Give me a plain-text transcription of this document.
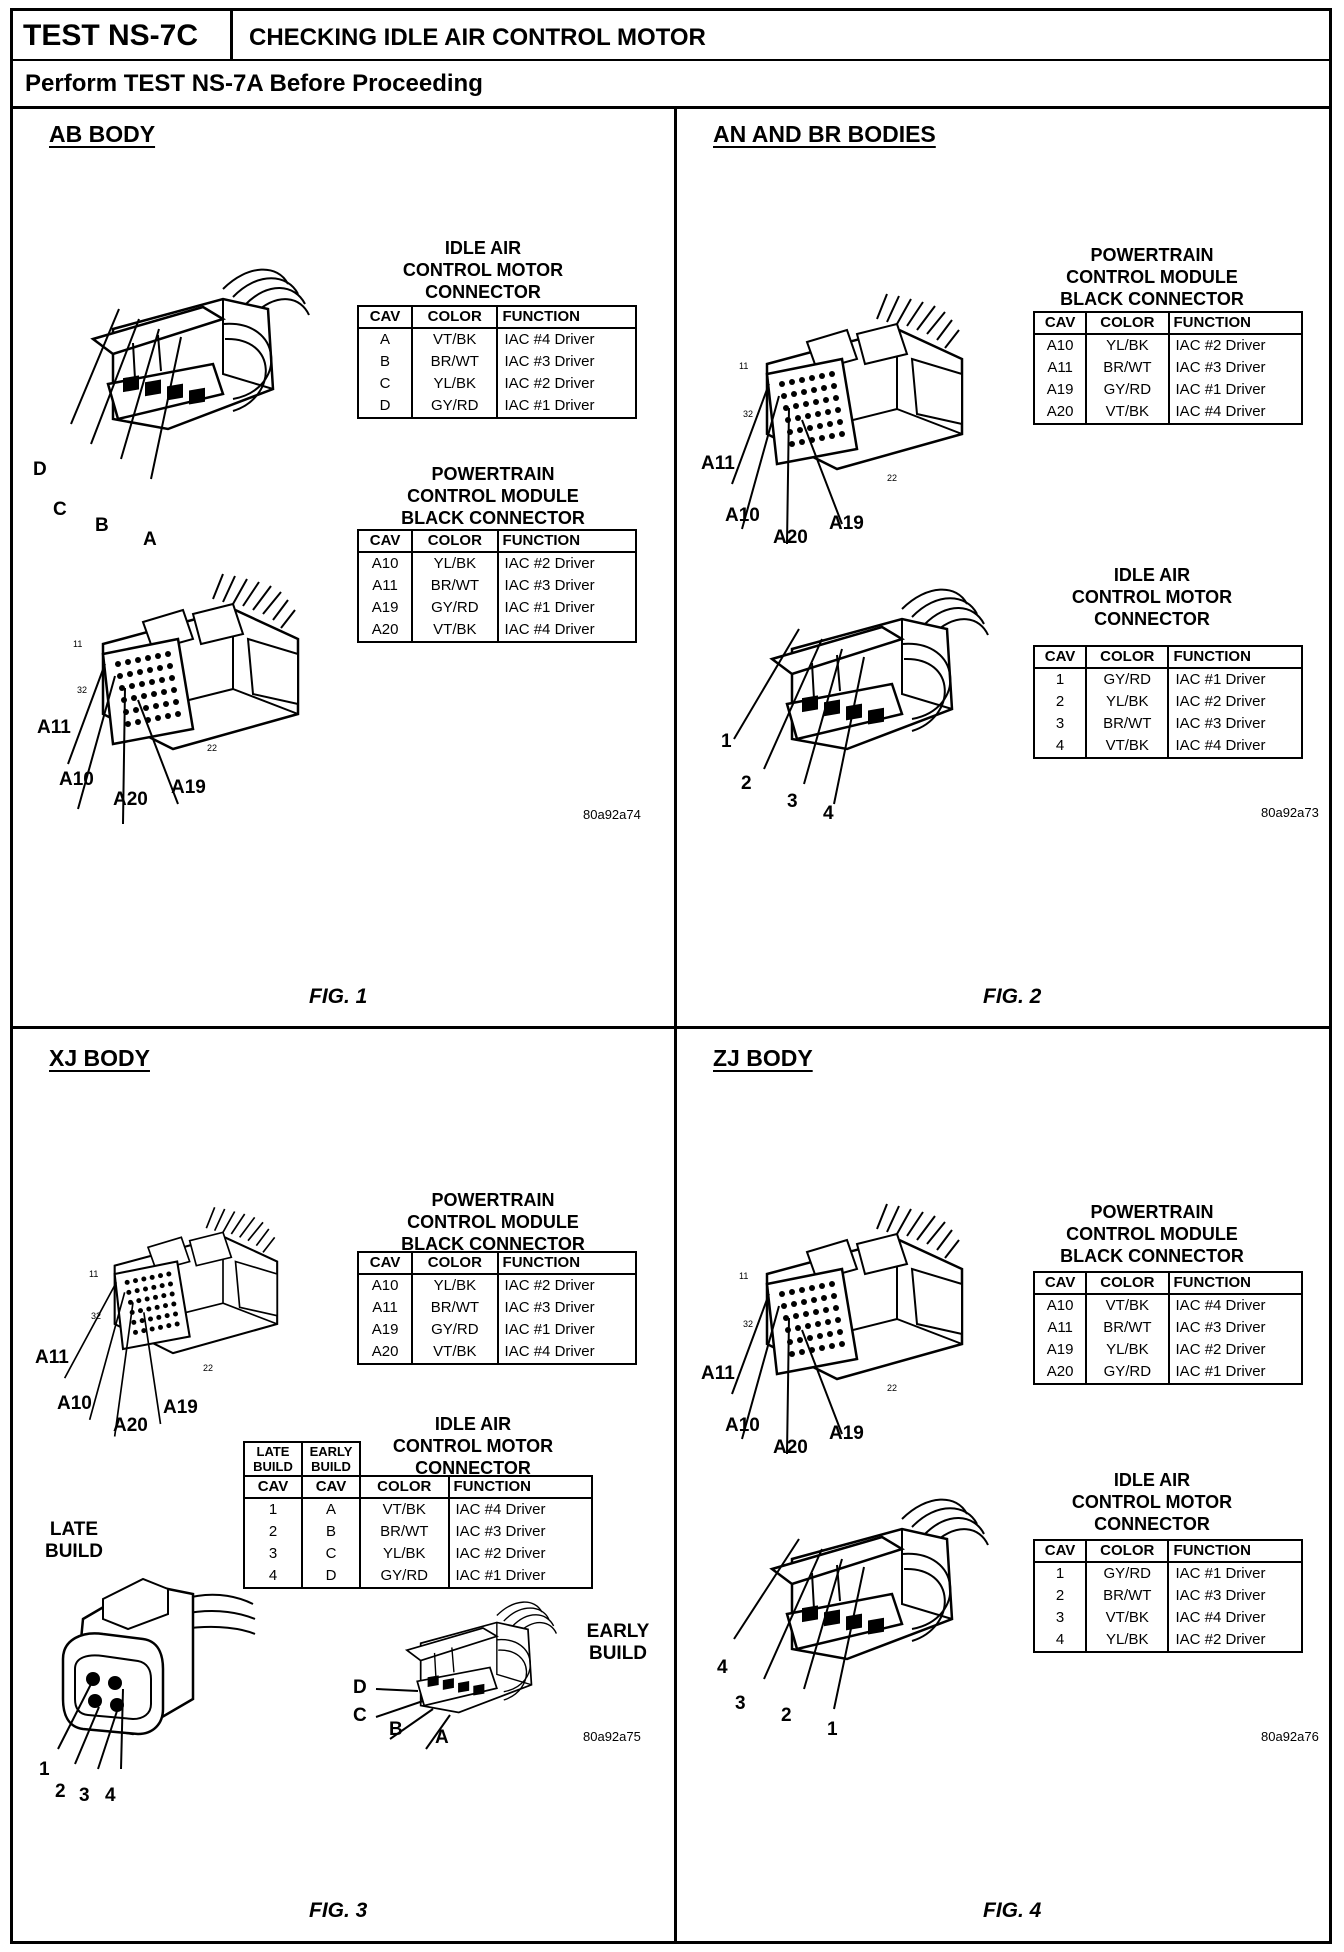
TEST NS-7C	CHECKING IDLE AIR CONTROL MOTOR
Perform TEST NS-7A Before Proceeding
AB BODY
D
C
B
A
IDLE AIR
CONTROL MOTOR
CONNECTOR
CAV	COLOR	FUNCTION
A	VT/BK	IAC #4 Driver
B	BR/WT	IAC #3 Driver
C	YL/BK	IAC #2 Driver
D	GY/RD	IAC #1 Driver
11
32
22
A11
A10
A20
A19
POWERTRAIN
CONTROL MODULE
BLACK CONNECTOR
CAV	COLOR	FUNCTION
A10	YL/BK	IAC #2 Driver
A11	BR/WT	IAC #3 Driver
A19	GY/RD	IAC #1 Driver
A20	VT/BK	IAC #4 Driver
80a92a74
FIG. 1
AN AND BR BODIES
11
32
22
A11
A10
A20
A19
POWERTRAIN
CONTROL MODULE
BLACK CONNECTOR
CAV	COLOR	FUNCTION
A10	YL/BK	IAC #2 Driver
A11	BR/WT	IAC #3 Driver
A19	GY/RD	IAC #1 Driver
A20	VT/BK	IAC #4 Driver
1
2
3
4
IDLE AIR
CONTROL MOTOR
CONNECTOR
CAV	COLOR	FUNCTION
1	GY/RD	IAC #1 Driver
2	YL/BK	IAC #2 Driver
3	BR/WT	IAC #3 Driver
4	VT/BK	IAC #4 Driver
80a92a73
FIG. 2
XJ BODY
11
32
22
A11
A10
A20
A19
POWERTRAIN
CONTROL MODULE
BLACK CONNECTOR
CAV	COLOR	FUNCTION
A10	YL/BK	IAC #2 Driver
A11	BR/WT	IAC #3 Driver
A19	GY/RD	IAC #1 Driver
A20	VT/BK	IAC #4 Driver
IDLE AIR
CONTROL MOTOR
CONNECTOR
LATE BUILD	EARLY BUILD		
CAV	CAV	COLOR	FUNCTION
1	A	VT/BK	IAC #4 Driver
2	B	BR/WT	IAC #3 Driver
3	C	YL/BK	IAC #2 Driver
4	D	GY/RD	IAC #1 Driver
LATE BUILD
1
2 3 4
EARLY BUILD
D
C
B A	80a92a75
FIG. 3
ZJ BODY
11
32
22
A11
A10
A20
A19
POWERTRAIN
CONTROL MODULE
BLACK CONNECTOR
CAV	COLOR	FUNCTION
A10	VT/BK	IAC #4 Driver
A11	BR/WT	IAC #3 Driver
A19	YL/BK	IAC #2 Driver
A20	GY/RD	IAC #1 Driver
4
3
2
1
IDLE AIR
CONTROL MOTOR
CONNECTOR
CAV	COLOR	FUNCTION
1	GY/RD	IAC #1 Driver
2	BR/WT	IAC #3 Driver
3	VT/BK	IAC #4 Driver
4	YL/BK	IAC #2 Driver
80a92a76
FIG. 4
